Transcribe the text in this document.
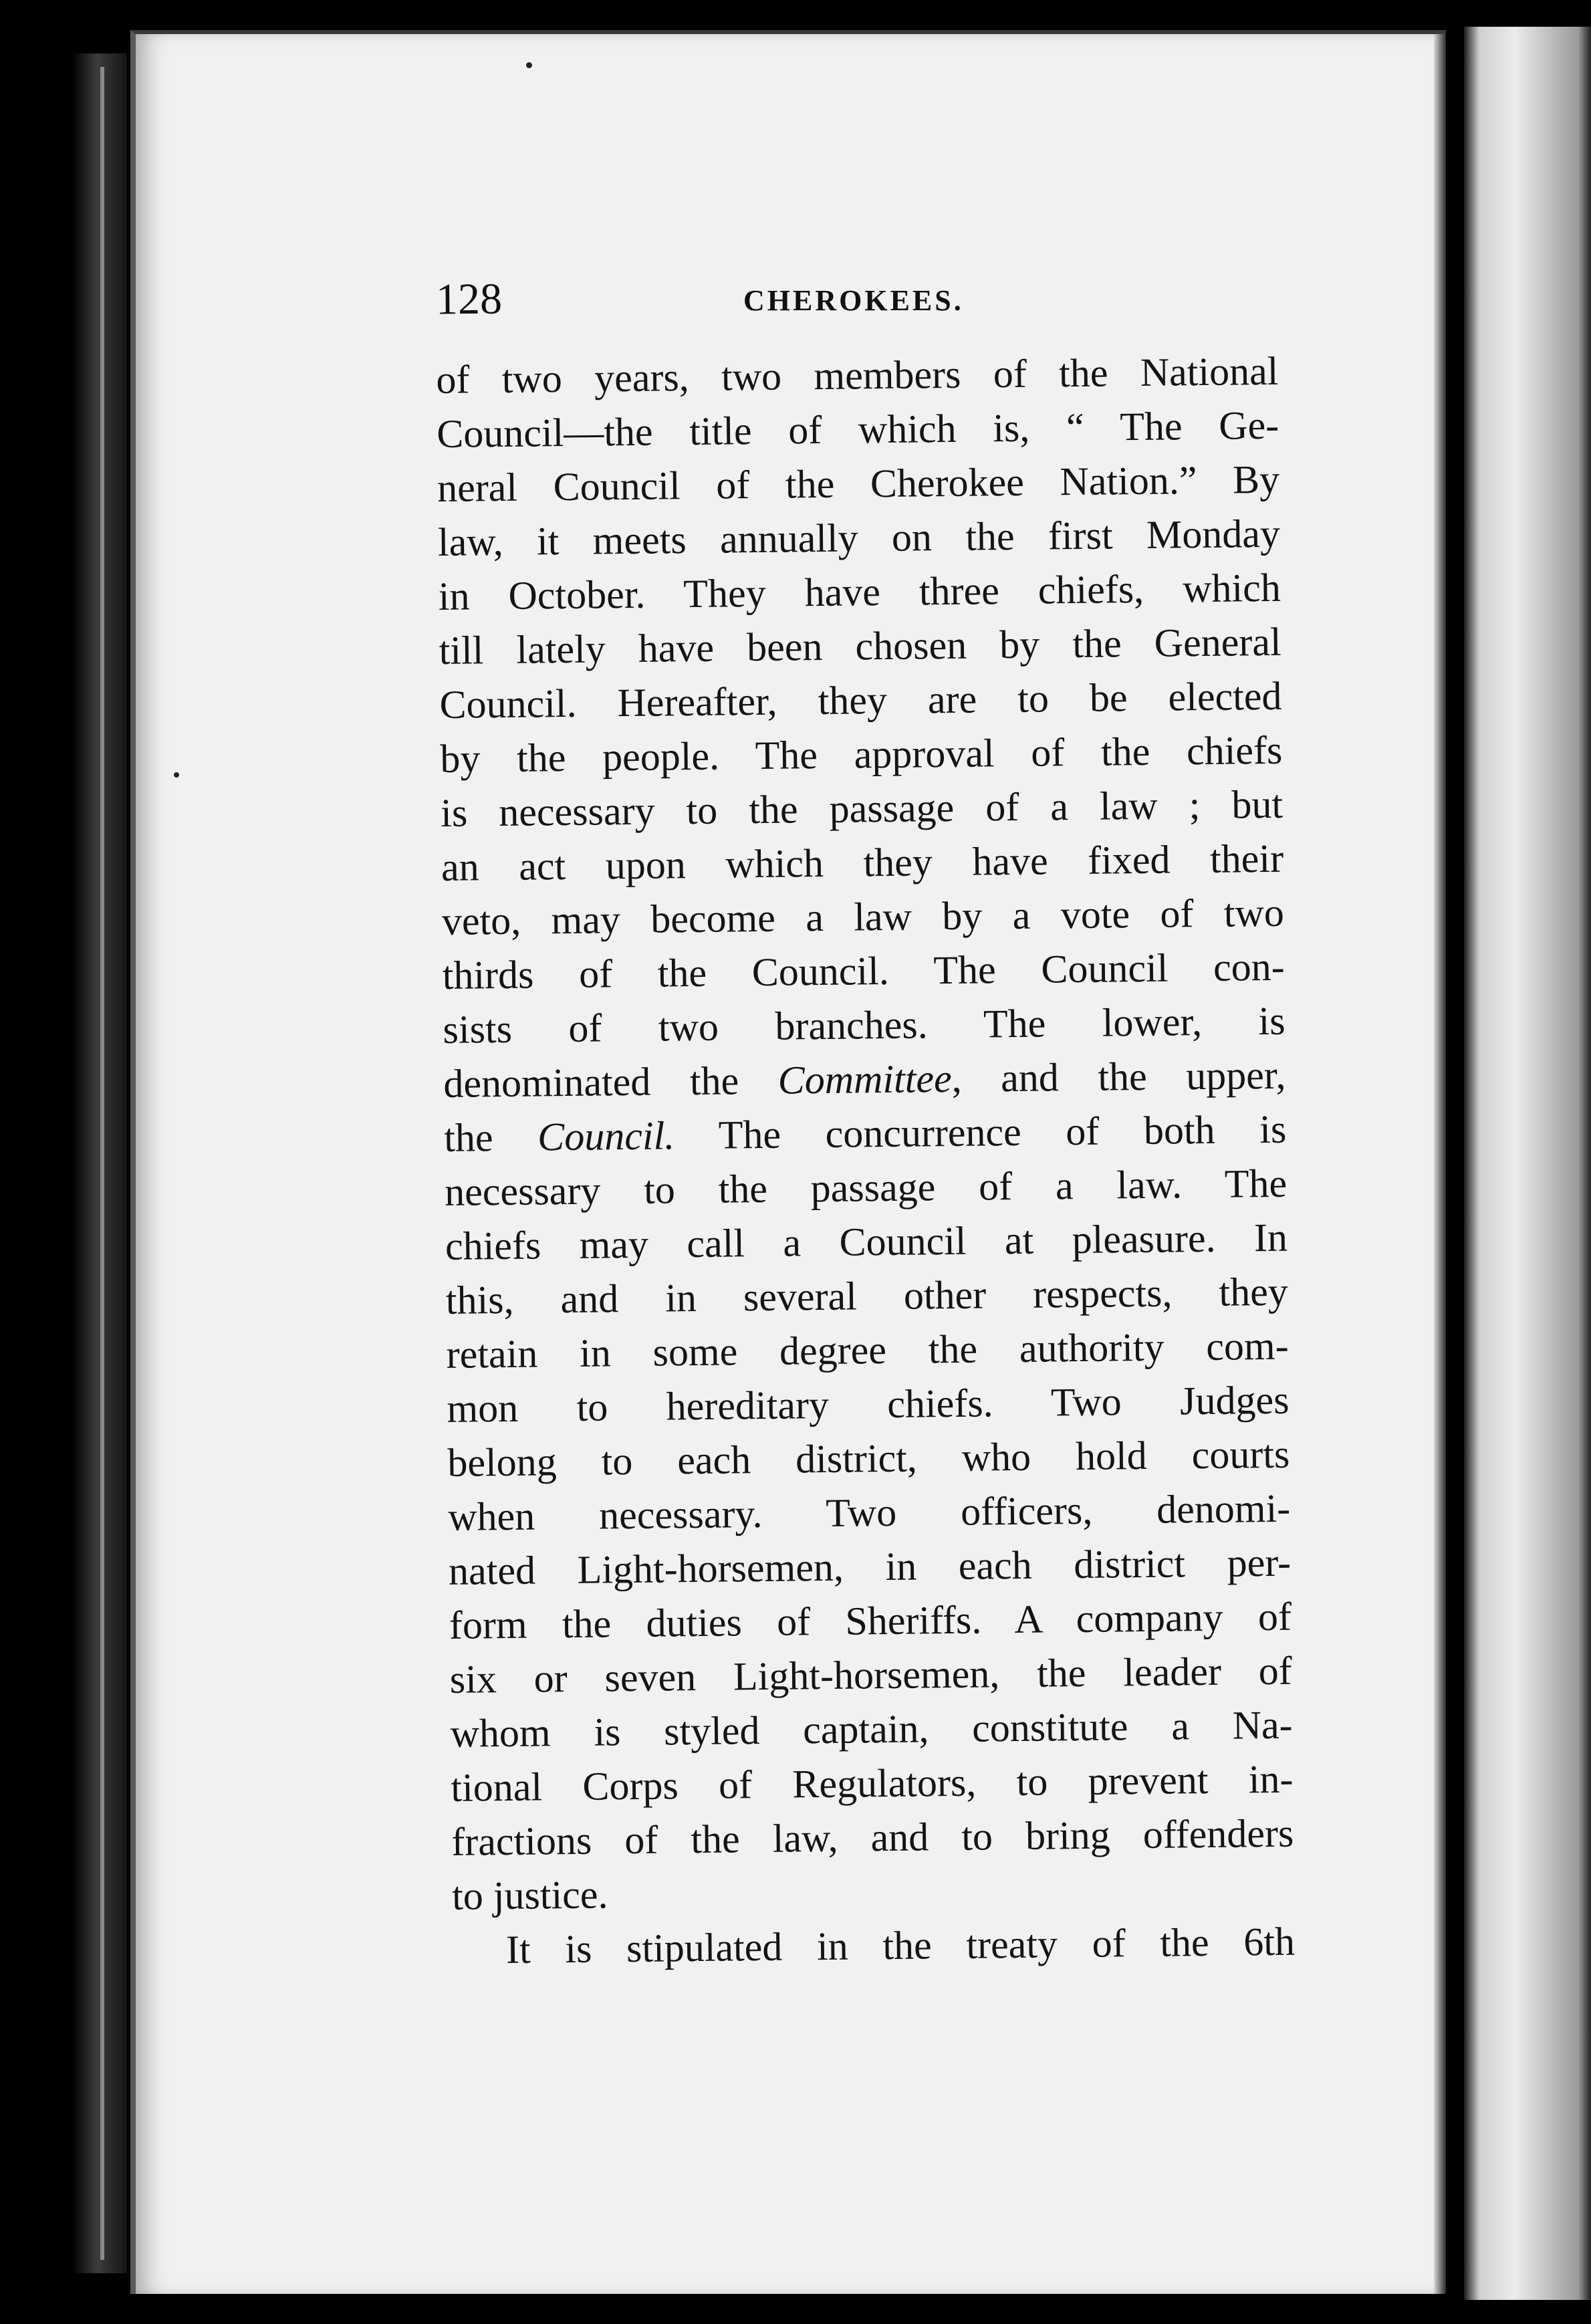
128	CHEROKEES.
of two years, two members of the National
Council—the title of which is, “ The Ge-
neral Council of the Cherokee Nation.” By
law, it meets annually on the first Monday
in October. They have three chiefs, which
till lately have been chosen by the General
Council. Hereafter, they are to be elected
by the people. The approval of the chiefs
is necessary to the passage of a law ; but
an act upon which they have fixed their
veto, may become a law by a vote of two
thirds of the Council. The Council con-
sists of two branches. The lower, is
denominated the Committee, and the upper,
the Council. The concurrence of both is
necessary to the passage of a law. The
chiefs may call a Council at pleasure. In
this, and in several other respects, they
retain in some degree the authority com-
mon to hereditary chiefs. Two Judges
belong to each district, who hold courts
when necessary. Two officers, denomi-
nated Light-horsemen, in each district per-
form the duties of Sheriffs. A company of
six or seven Light-horsemen, the leader of
whom is styled captain, constitute a Na-
tional Corps of Regulators, to prevent in-
fractions of the law, and to bring offenders
to justice.
It is stipulated in the treaty of the 6th
